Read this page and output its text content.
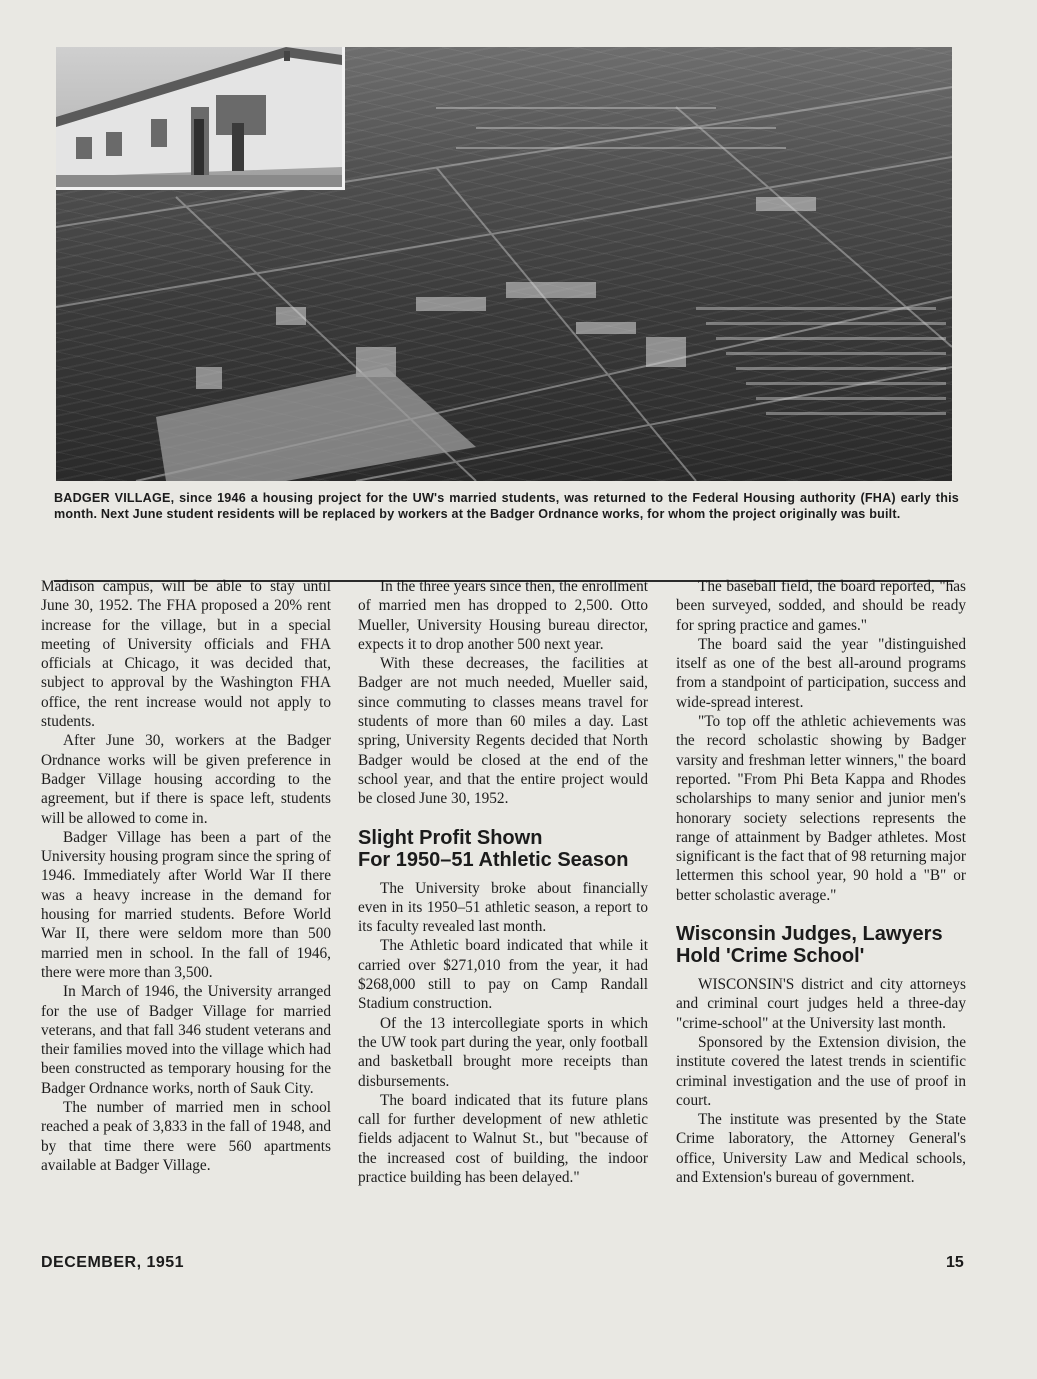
BADGER VILLAGE, since 1946 a housing project for the UW's married students, was returned to the Federal Housing authority (FHA) early this month. Next June student residents will be replaced by workers at the Badger Ordnance works, for whom the project originally was built.

Madison campus, will be able to stay until June 30, 1952. The FHA proposed a 20% rent increase for the village, but in a special meeting of University officials and FHA officials at Chicago, it was decided that, subject to approval by the Washington FHA office, the rent increase would not apply to students.

After June 30, workers at the Badger Ordnance works will be given preference in Badger Village housing according to the agreement, but if there is space left, students will be allowed to come in.

Badger Village has been a part of the University housing program since the spring of 1946. Immediately after World War II there was a heavy increase in the demand for housing for married students. Before World War II, there were seldom more than 500 married men in school. In the fall of 1946, there were more than 3,500.

In March of 1946, the University arranged for the use of Badger Village for married veterans, and that fall 346 student veterans and their families moved into the village which had been constructed as temporary housing for the Badger Ordnance works, north of Sauk City.

The number of married men in school reached a peak of 3,833 in the fall of 1948, and by that time there were 560 apartments available at Badger Village.

In the three years since then, the enrollment of married men has dropped to 2,500. Otto Mueller, University Housing bureau director, expects it to drop another 500 next year.

With these decreases, the facilities at Badger are not much needed, Mueller said, since commuting to classes means travel for students of more than 60 miles a day. Last spring, University Regents decided that North Badger would be closed at the end of the school year, and that the entire project would be closed June 30, 1952.

Slight Profit Shown
For 1950–51 Athletic Season

The University broke about financially even in its 1950–51 athletic season, a report to its faculty revealed last month.

The Athletic board indicated that while it carried over $271,010 from the year, it had $268,000 still to pay on Camp Randall Stadium construction.

Of the 13 intercollegiate sports in which the UW took part during the year, only football and basketball brought more receipts than disbursements.

The board indicated that its future plans call for further development of new athletic fields adjacent to Walnut St., but "because of the increased cost of building, the indoor practice building has been delayed."

The baseball field, the board reported, "has been surveyed, sodded, and should be ready for spring practice and games."

The board said the year "distinguished itself as one of the best all-around programs from a standpoint of participation, success and wide-spread interest.

"To top off the athletic achievements was the record scholastic showing by Badger varsity and freshman letter winners," the board reported. "From Phi Beta Kappa and Rhodes scholarships to many senior and junior men's honorary society selections represents the range of attainment by Badger athletes. Most significant is the fact that of 98 returning major lettermen this school year, 90 hold a "B" or better scholastic average."

Wisconsin Judges, Lawyers
Hold 'Crime School'

WISCONSIN'S district and city attorneys and criminal court judges held a three-day "crime-school" at the University last month.

Sponsored by the Extension division, the institute covered the latest trends in scientific criminal investigation and the use of proof in court.

The institute was presented by the State Crime laboratory, the Attorney General's office, University Law and Medical schools, and Extension's bureau of government.

DECEMBER, 1951	15
